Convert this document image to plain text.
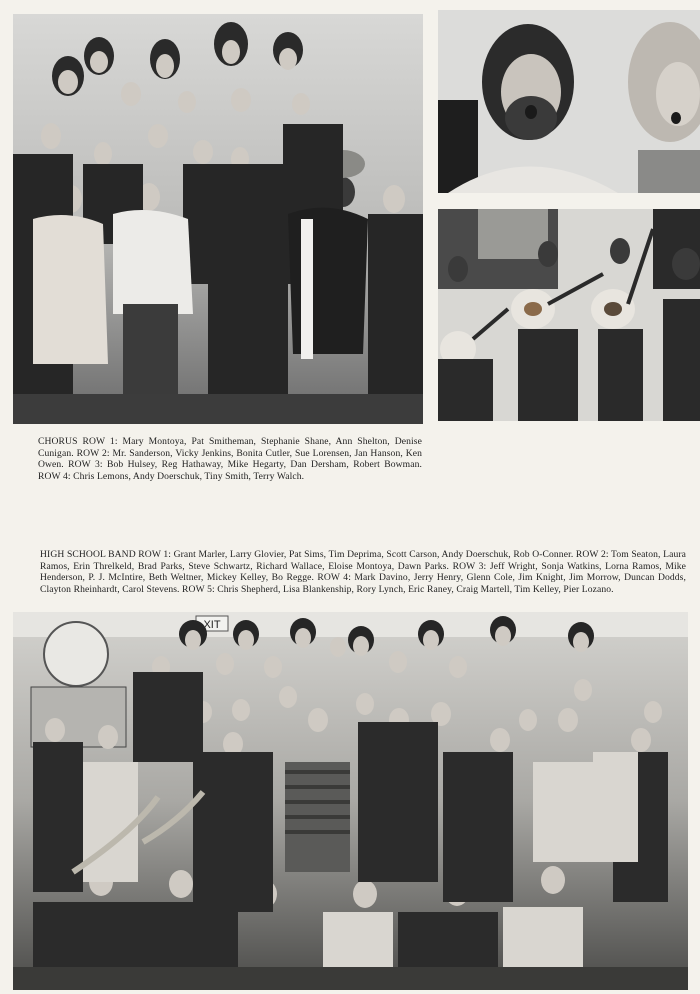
CHORUS ROW 1: Mary Montoya, Pat Smitheman, Stephanie Shane, Ann Shelton, Denise Cunigan. ROW 2: Mr. Sanderson, Vicky Jenkins, Bonita Cutler, Sue Lorensen, Jan Hanson, Ken Owen. ROW 3: Bob Hulsey, Reg Hathaway, Mike Hegarty, Dan Dersham, Robert Bowman. ROW 4: Chris Lemons, Andy Doerschuk, Tiny Smith, Terry Walch.
HIGH SCHOOL BAND ROW 1: Grant Marler, Larry Glovier, Pat Sims, Tim Deprima, Scott Carson, Andy Doerschuk, Rob O-Conner. ROW 2: Tom Seaton, Laura Ramos, Erin Threlkeld, Brad Parks, Steve Schwartz, Richard Wallace, Eloise Montoya, Dawn Parks. ROW 3: Jeff Wright, Sonja Watkins, Lorna Ramos, Mike Henderson, P. J. McIntire, Beth Weltner, Mickey Kelley, Bo Regge. ROW 4: Mark Davino, Jerry Henry, Glenn Cole, Jim Knight, Jim Morrow, Duncan Dodds, Clayton Rheinhardt, Carol Stevens. ROW 5: Chris Shepherd, Lisa Blankenship, Rory Lynch, Eric Raney, Craig Martell, Tim Kelley, Pier Lozano.
XIT
